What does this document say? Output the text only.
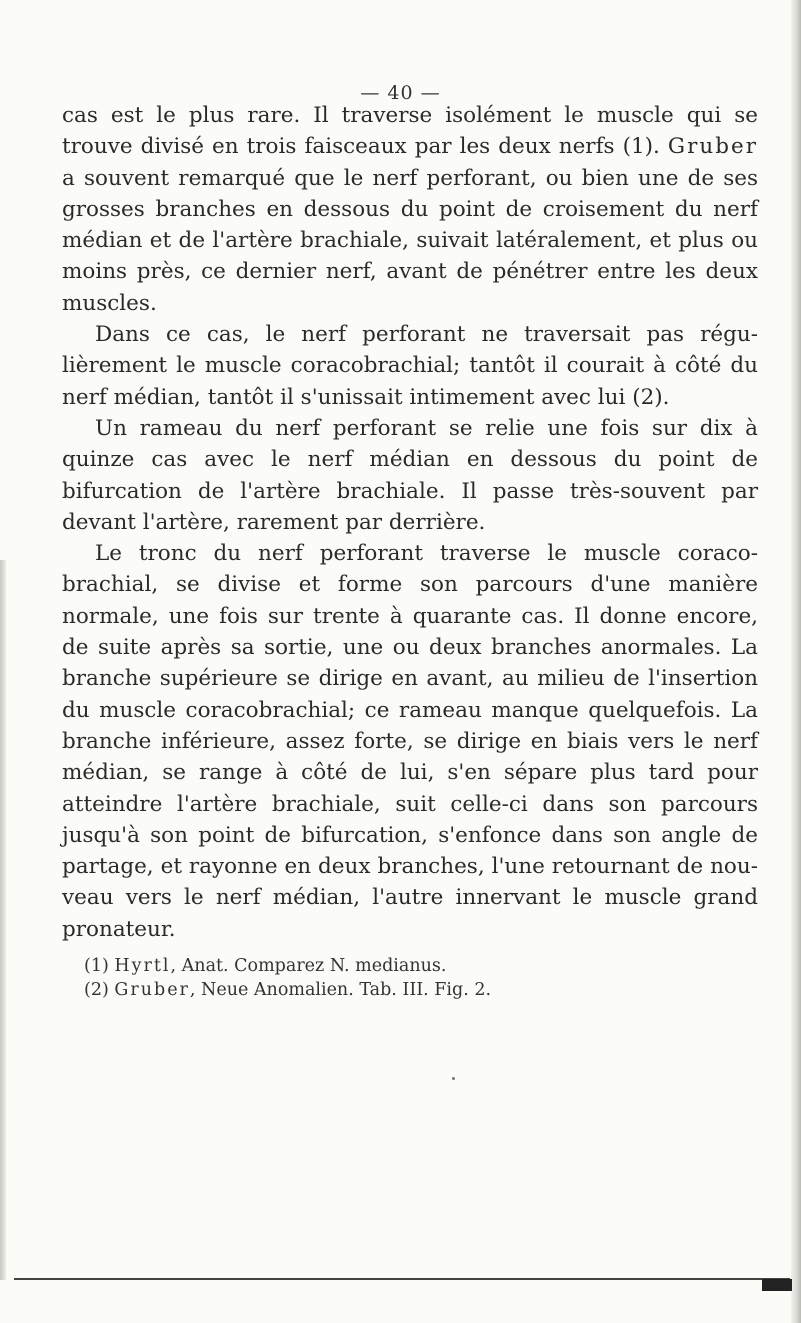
— 40 —

cas est le plus rare. Il traverse isolément le muscle qui se trouve divisé en trois faisceaux par les deux nerfs (1). Gruber a souvent remarqué que le nerf perforant, ou bien une de ses grosses branches en dessous du point de croisement du nerf médian et de l'artère brachiale, suivait latéralement, et plus ou moins près, ce dernier nerf, avant de pénétrer entre les deux muscles.

Dans ce cas, le nerf perforant ne traversait pas régulièrement le muscle coracobrachial; tantôt il courait à côté du nerf médian, tantôt il s'unissait intimement avec lui (2).

Un rameau du nerf perforant se relie une fois sur dix à quinze cas avec le nerf médian en dessous du point de bifurcation de l'artère brachiale. Il passe très-souvent par devant l'artère, rarement par derrière.

Le tronc du nerf perforant traverse le muscle coracobrachial, se divise et forme son parcours d'une manière normale, une fois sur trente à quarante cas. Il donne encore, de suite après sa sortie, une ou deux branches anormales. La branche supérieure se dirige en avant, au milieu de l'insertion du muscle coracobrachial; ce rameau manque quelquefois. La branche inférieure, assez forte, se dirige en biais vers le nerf médian, se range à côté de lui, s'en sépare plus tard pour atteindre l'artère brachiale, suit celle-ci dans son parcours jusqu'à son point de bifurcation, s'enfonce dans son angle de partage, et rayonne en deux branches, l'une retournant de nouveau vers le nerf médian, l'autre innervant le muscle grand pronateur.

(1) Hyrtl, Anat. Comparez N. medianus.

(2) Gruber, Neue Anomalien. Tab. III. Fig. 2.
